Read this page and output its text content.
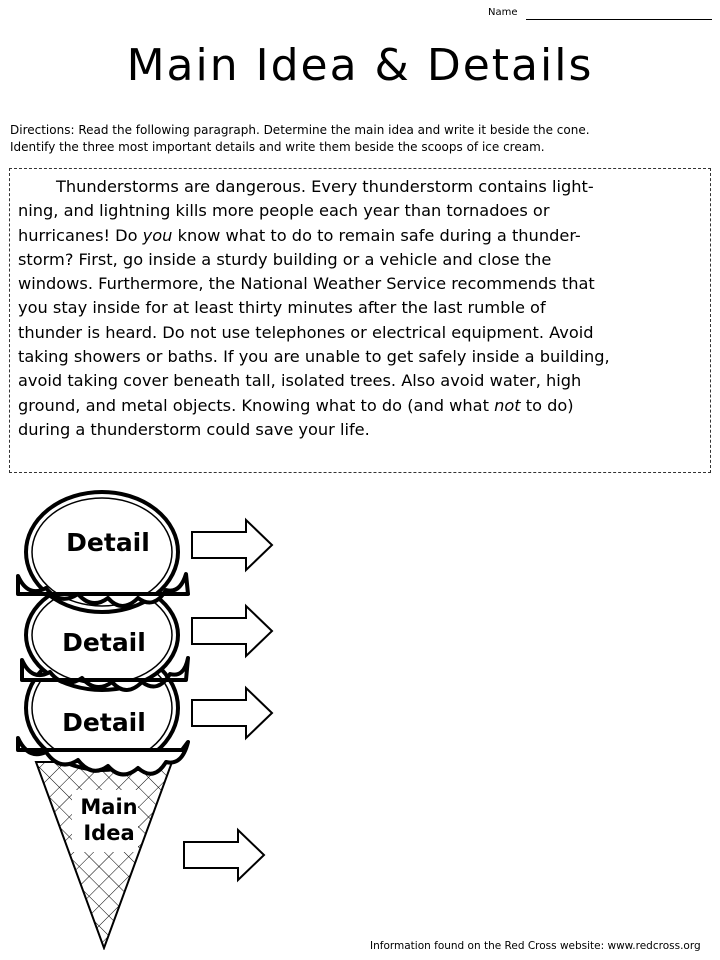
Name
Main Idea & Details

Directions: Read the following paragraph. Determine the main idea and write it beside the cone.
Identify the three most important details and write them beside the scoops of ice cream.

Thunderstorms are dangerous. Every thunderstorm contains light-
ning, and lightning kills more people each year than tornadoes or
hurricanes! Do you know what to do to remain safe during a thunder-
storm? First, go inside a sturdy building or a vehicle and close the
windows. Furthermore, the National Weather Service recommends that
you stay inside for at least thirty minutes after the last rumble of
thunder is heard. Do not use telephones or electrical equipment. Avoid
taking showers or baths. If you are unable to get safely inside a building,
avoid taking cover beneath tall, isolated trees. Also avoid water, high
ground, and metal objects. Knowing what to do (and what not to do)
during a thunderstorm could save your life.
Detail
Detail
Detail
Main
Idea
Information found on the Red Cross website: www.redcross.org
